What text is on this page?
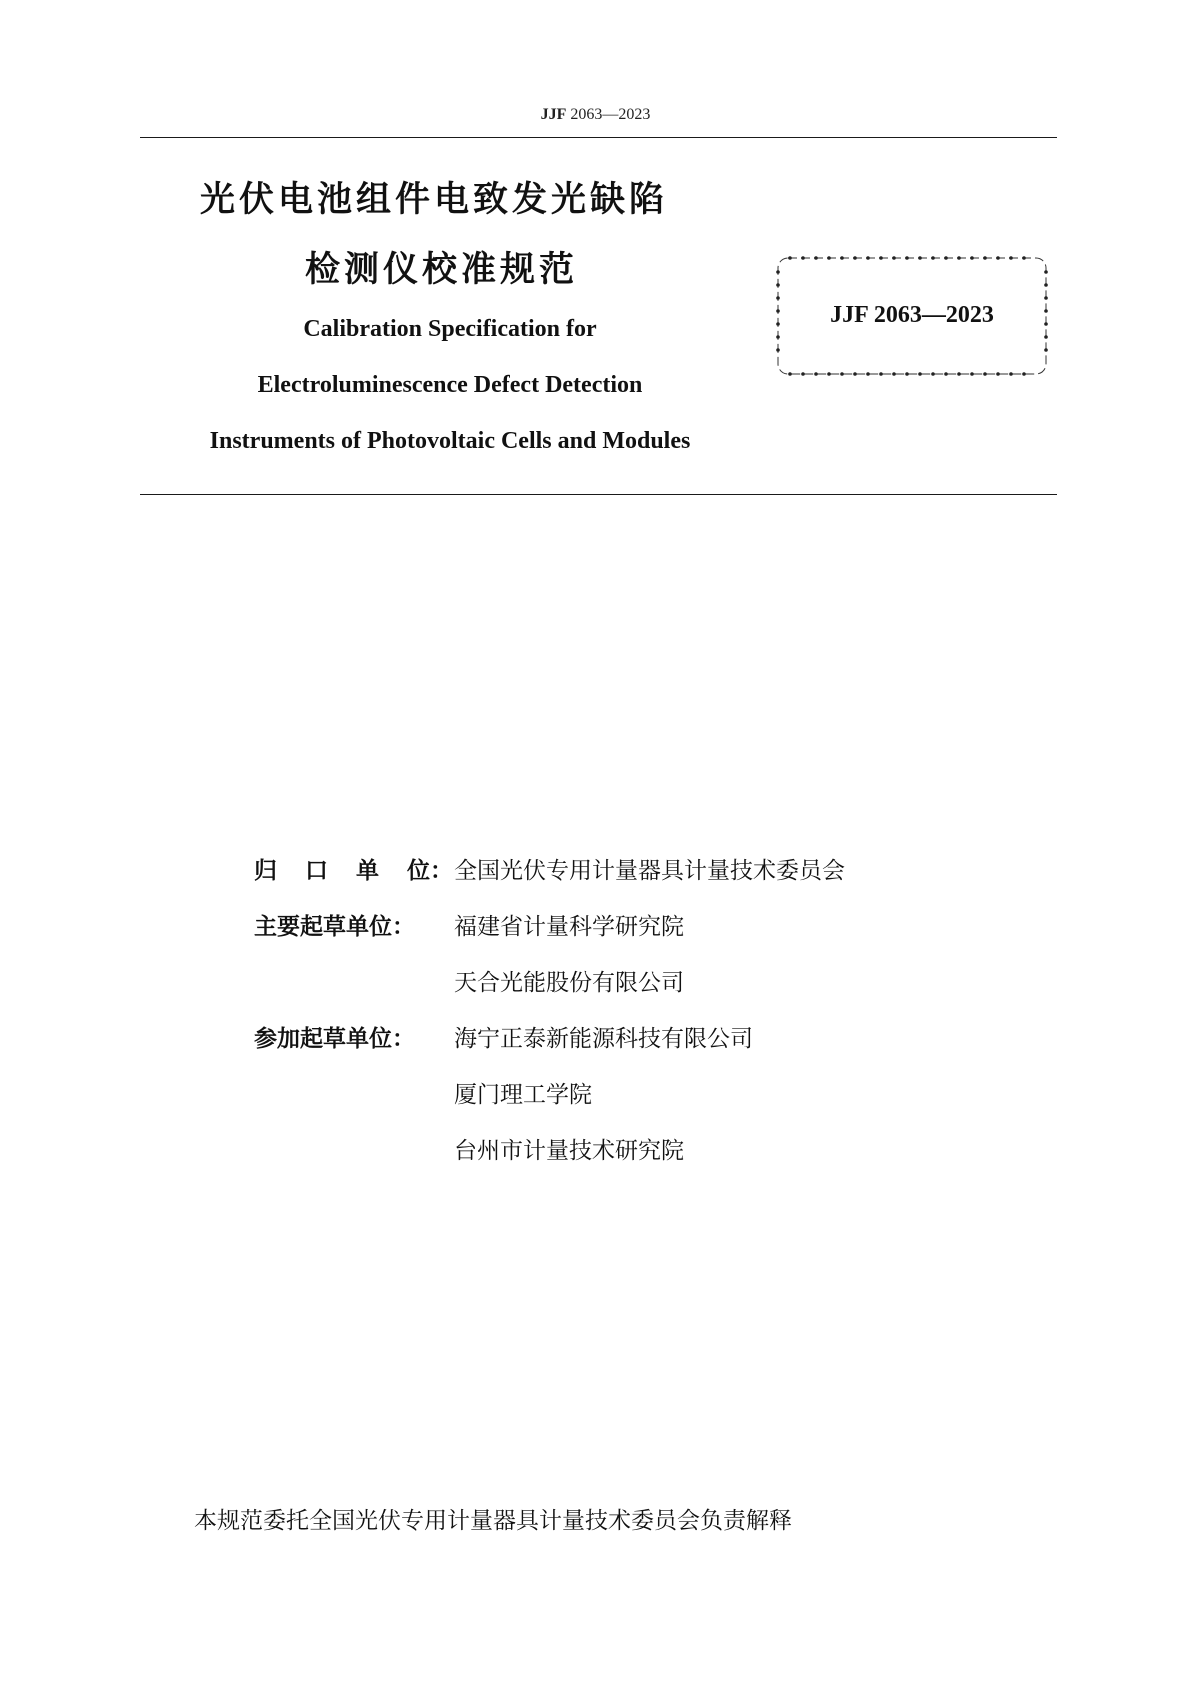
JJF 2063—2023
光伏电池组件电致发光缺陷
检测仪校准规范
Calibration Specification for
Electroluminescence Defect Detection
Instruments of Photovoltaic Cells and Modules
JJF 2063—2023
归 口 单 位： 全国光伏专用计量器具计量技术委员会
主要起草单位：	福建省计量科学研究院
天合光能股份有限公司
参加起草单位：	海宁正泰新能源科技有限公司
厦门理工学院
台州市计量技术研究院
本规范委托全国光伏专用计量器具计量技术委员会负责解释
